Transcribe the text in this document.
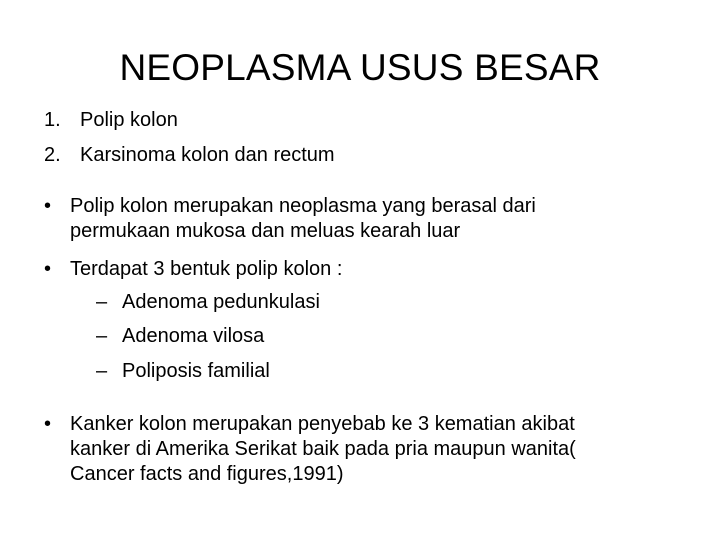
NEOPLASMA USUS BESAR
1. Polip kolon
2. Karsinoma kolon dan rectum
• Polip kolon merupakan neoplasma yang berasal dari
permukaan mukosa dan meluas kearah luar
• Terdapat 3 bentuk polip kolon :
– Adenoma pedunkulasi
– Adenoma vilosa
– Poliposis familial
• Kanker kolon merupakan penyebab ke 3 kematian akibat
kanker di Amerika Serikat baik pada pria maupun wanita(
Cancer facts and figures,1991)
